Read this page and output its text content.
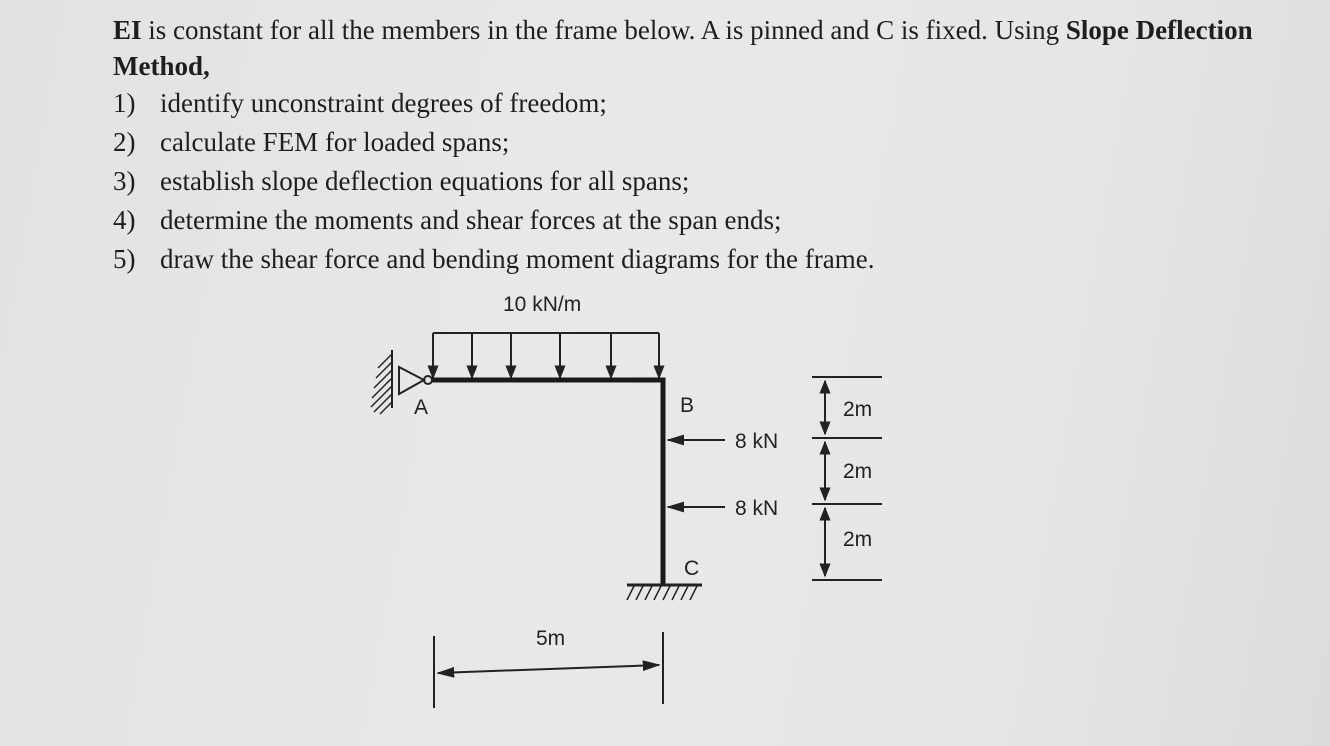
EI is constant for all the members in the frame below. A is pinned and C is fixed. Using Slope Deflection Method,

1) identify unconstraint degrees of freedom;
2) calculate FEM for loaded spans;
3) establish slope deflection equations for all spans;
4) determine the moments and shear forces at the span ends;
5) draw the shear force and bending moment diagrams for the frame.
10 kN/m
A	B
C
8 kN
8 kN
2m
2m
2m
5m
